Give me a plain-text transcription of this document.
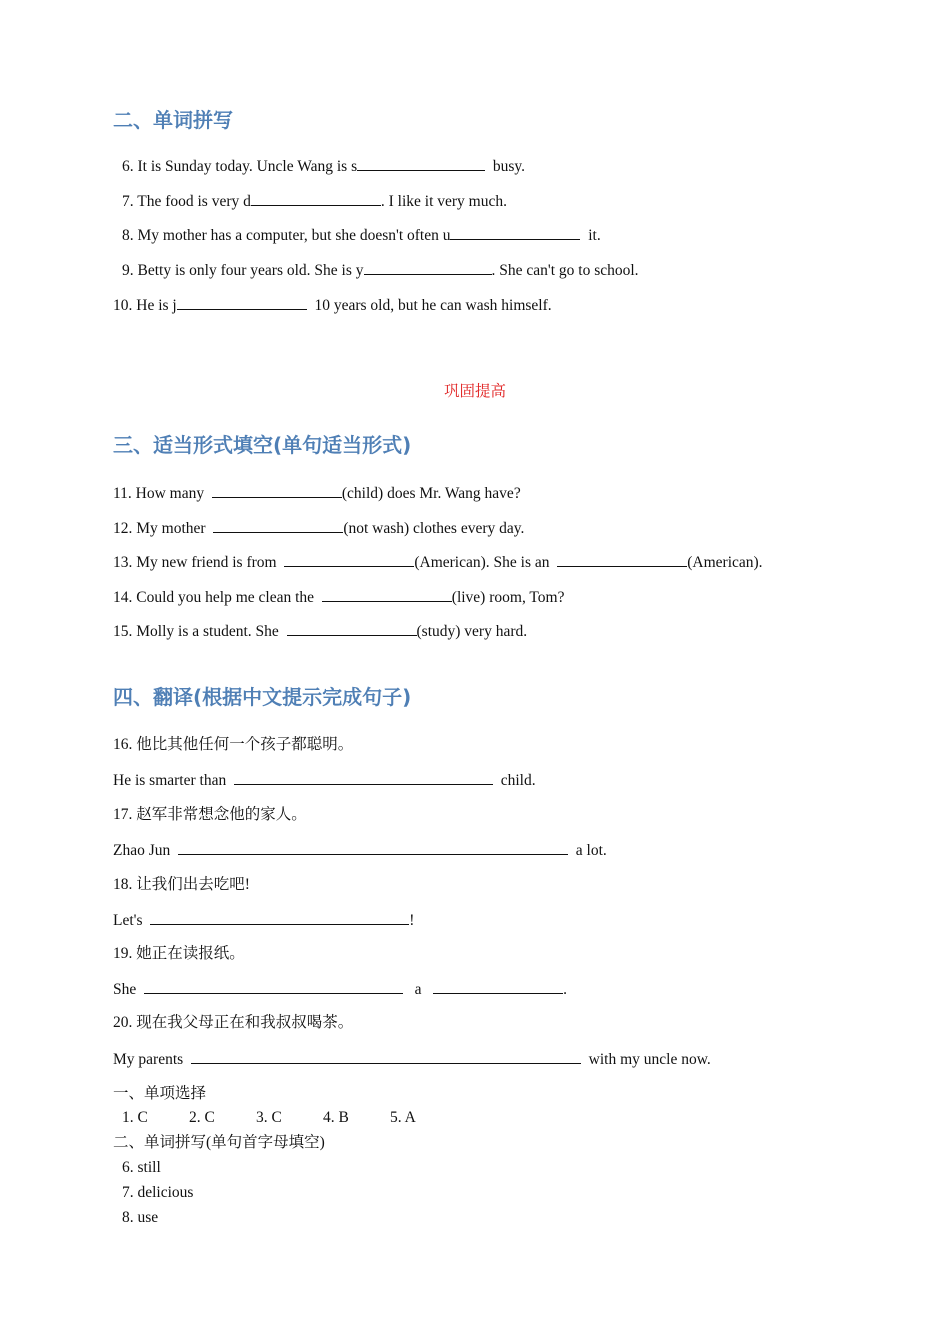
二、单词拼写
6. It is Sunday today. Uncle Wang is s	busy.
7. The food is very d	. I like it very much.
8. My mother has a computer, but she doesn't often u	it.
9. Betty is only four years old. She is y	. She can't go to school.
10. He is j	10 years old, but he can wash himself.
巩固提高
三、适当形式填空(单句适当形式)
11. How many	(child) does Mr. Wang have?
12. My mother	(not wash) clothes every day.
13. My new friend is from	(American). She is an	(American).
14. Could you help me clean the	(live) room, Tom?
15. Molly is a student. She	(study) very hard.
四、翻译(根据中文提示完成句子)
16. 他比其他任何一个孩子都聪明。
He is smarter than	child.
17. 赵军非常想念他的家人。
Zhao Jun	a lot.
18. 让我们出去吃吧!
Let's	!
19. 她正在读报纸。
She	a	.
20. 现在我父母正在和我叔叔喝茶。
My parents	with my uncle now.
一、单项选择
1. C	2. C	3. C	4. B	5. A
二、单词拼写(单句首字母填空)
6. still
7. delicious
8. use
